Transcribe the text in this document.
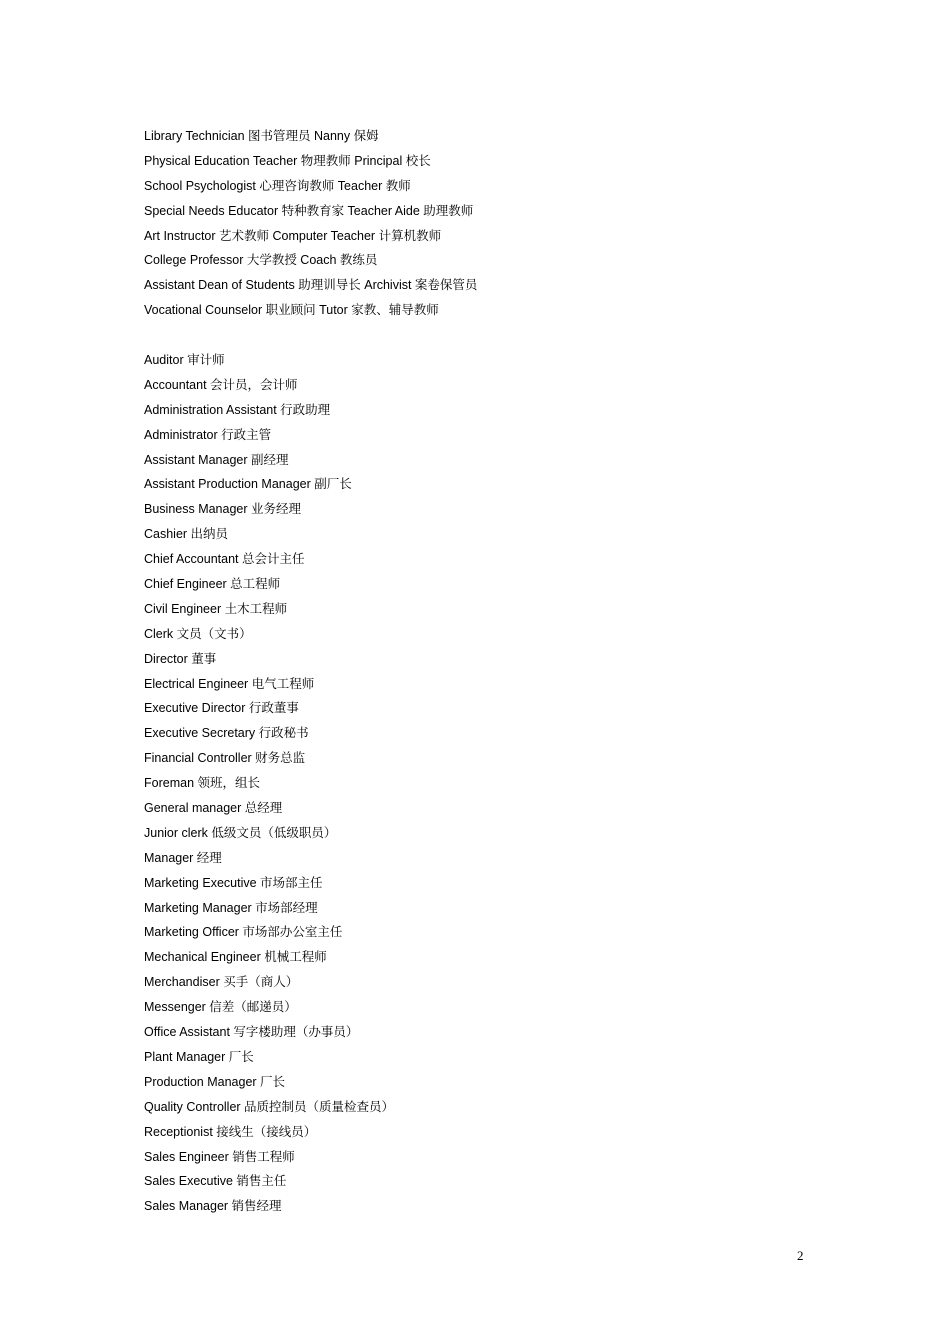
Library Technician 图书管理员 Nanny 保姆
Physical Education Teacher 物理教师 Principal 校长
School Psychologist 心理咨询教师 Teacher 教师
Special Needs Educator 特种教育家 Teacher Aide 助理教师
Art Instructor 艺术教师 Computer Teacher 计算机教师
College Professor 大学教授 Coach 教练员
Assistant Dean of Students 助理训导长 Archivist 案卷保管员
Vocational Counselor 职业顾问 Tutor 家教、辅导教师
Auditor 审计师
Accountant 会计员，会计师
Administration Assistant 行政助理
Administrator 行政主管
Assistant Manager 副经理
Assistant Production Manager 副厂长
Business Manager 业务经理
Cashier 出纳员
Chief Accountant 总会计主任
Chief Engineer 总工程师
Civil Engineer 土木工程师
Clerk 文员（文书）
Director 董事
Electrical Engineer 电气工程师
Executive Director 行政董事
Executive Secretary 行政秘书
Financial Controller 财务总监
Foreman 领班，组长
General manager 总经理
Junior clerk 低级文员（低级职员）
Manager 经理
Marketing Executive 市场部主任
Marketing Manager 市场部经理
Marketing Officer 市场部办公室主任
Mechanical Engineer 机械工程师
Merchandiser 买手（商人）
Messenger 信差（邮递员）
Office Assistant 写字楼助理（办事员）
Plant Manager 厂长
Production Manager 厂长
Quality Controller 品质控制员（质量检查员）
Receptionist 接线生（接线员）
Sales Engineer 销售工程师
Sales Executive 销售主任
Sales Manager 销售经理
2
